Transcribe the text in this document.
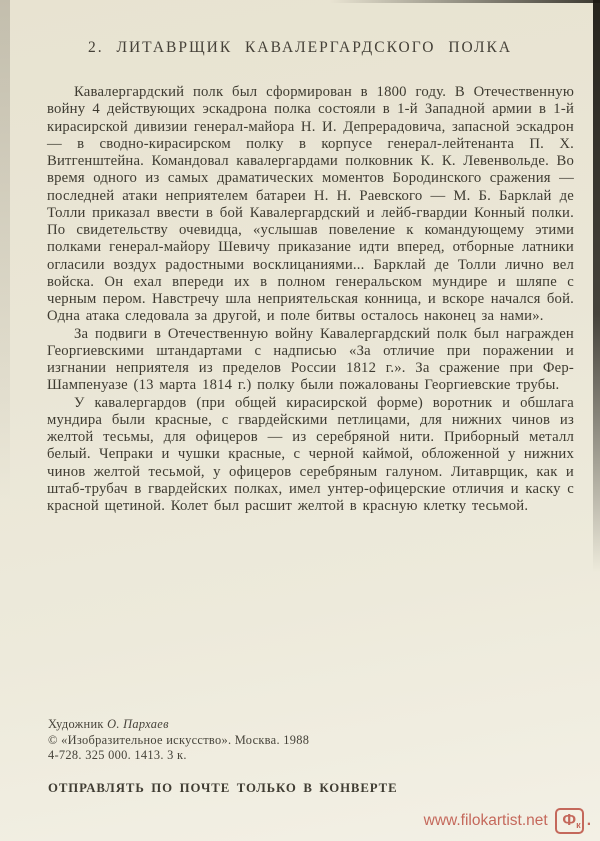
2. ЛИТАВРЩИК КАВАЛЕРГАРДСКОГО ПОЛКА

Кавалергардский полк был сформирован в 1800 году. В Отечественную войну 4 действующих эскадрона полка состояли в 1-й Западной армии в 1-й кирасирской дивизии генерал-майора Н. И. Депрерадовича, запасной эскадрон — в сводно-кирасирском полку в корпусе генерал-лейтенанта П. Х. Витгенштейна. Командовал кавалергардами полковник К. К. Левенвольде. Во время одного из самых драматических моментов Бородинского сражения — последней атаки неприятелем батареи Н. Н. Раевского — М. Б. Барклай де Толли приказал ввести в бой Кавалергардский и лейб-гвардии Конный полки. По свидетельству очевидца, «услышав повеление к командующему этими полками генерал-майору Шевичу приказание идти вперед, отборные латники огласили воздух радостными восклицаниями... Барклай де Толли лично вел войска. Он ехал впереди их в полном генеральском мундире и шляпе с черным пером. Навстречу шла неприятельская конница, и вскоре начался бой. Одна атака следовала за другой, и поле битвы осталось наконец за нами».

За подвиги в Отечественную войну Кавалергардский полк был награжден Георгиевскими штандартами с надписью «За отличие при поражении и изгнании неприятеля из пределов России 1812 г.». За сражение при Фер-Шампенуазе (13 марта 1814 г.) полку были пожалованы Георгиевские трубы.

У кавалергардов (при общей кирасирской форме) воротник и обшлага мундира были красные, с гвардейскими петлицами, для нижних чинов из желтой тесьмы, для офицеров — из серебряной нити. Приборный металл белый. Чепраки и чушки красные, с черной каймой, обложенной у нижних чинов желтой тесьмой, у офицеров серебряным галуном. Литаврщик, как и штаб-трубач в гвардейских полках, имел унтер-офицерские отличия и каску с красной щетиной. Колет был расшит желтой в красную клетку тесьмой.

Художник О. Пархаев
© «Изобразительное искусство». Москва. 1988
4-728. 325 000. 1413. 3 к.
ОТПРАВЛЯТЬ ПО ПОЧТЕ ТОЛЬКО В КОНВЕРТЕ
www.filokartist.net Ф к .
